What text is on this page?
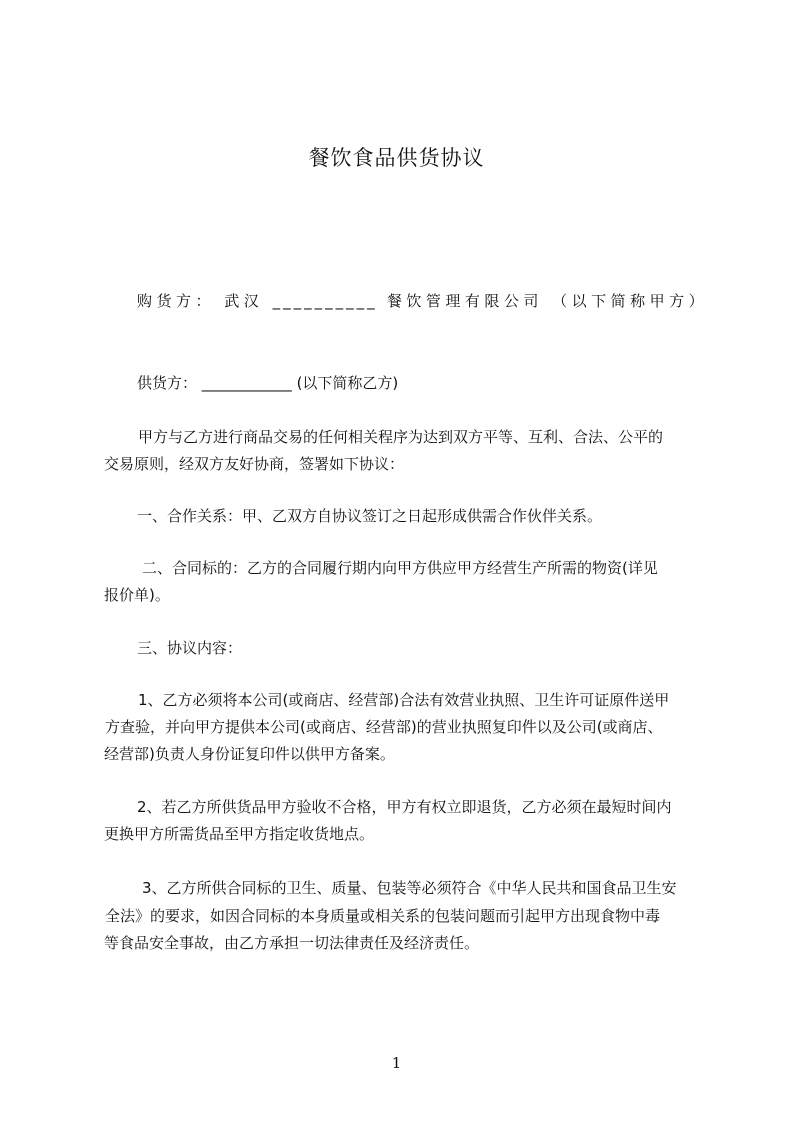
餐饮食品供货协议
购货方： 武汉 __________ 餐饮管理有限公司 （以下简称甲方）
供货方： ____________ (以下简称乙方)
甲方与乙方进行商品交易的任何相关程序为达到双方平等、互利、合法、公平的
交易原则，经双方友好协商，签署如下协议：
一、合作关系：甲、乙双方自协议签订之日起形成供需合作伙伴关系。
二、合同标的：乙方的合同履行期内向甲方供应甲方经营生产所需的物资(详见
报价单)。
三、协议内容：
1、乙方必须将本公司(或商店、经营部)合法有效营业执照、卫生许可证原件送甲
方查验，并向甲方提供本公司(或商店、经营部)的营业执照复印件以及公司(或商店、
经营部)负责人身份证复印件以供甲方备案。
2、若乙方所供货品甲方验收不合格，甲方有权立即退货，乙方必须在最短时间内
更换甲方所需货品至甲方指定收货地点。
3、乙方所供合同标的卫生、质量、包装等必须符合《中华人民共和国食品卫生安
全法》的要求，如因合同标的本身质量或相关系的包装问题而引起甲方出现食物中毒
等食品安全事故，由乙方承担一切法律责任及经济责任。
1
